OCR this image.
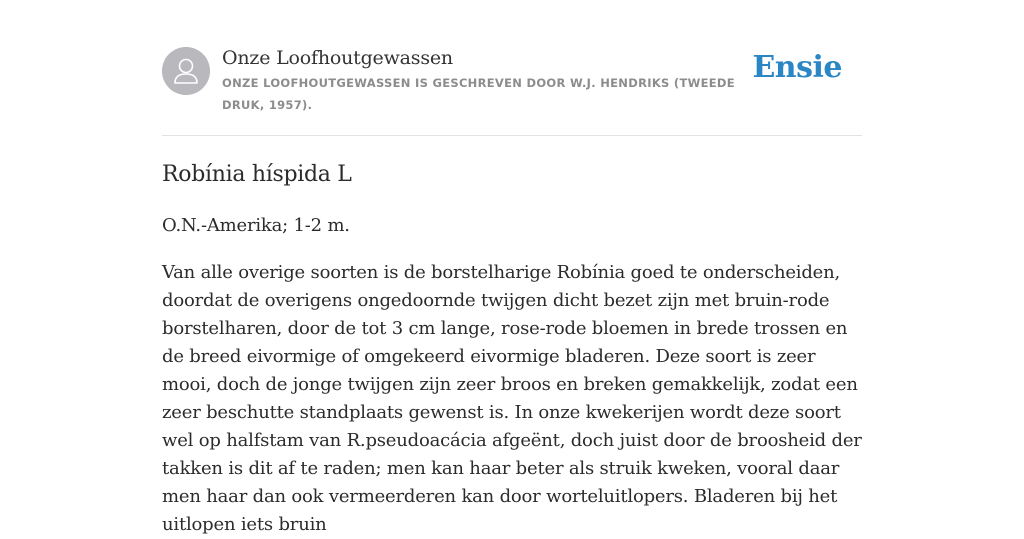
Onze Loofhoutgewassen
ONZE LOOFHOUTGEWASSEN IS GESCHREVEN DOOR W.J. HENDRIKS (TWEEDE DRUK, 1957).
Ensie
Robínia híspida L

O.N.-Amerika; 1-2 m.

Van alle overige soorten is de borstelharige Robínia goed te onderscheiden, doordat de overigens ongedoornde twijgen dicht bezet zijn met bruin-rode borstelharen, door de tot 3 cm lange, rose-rode bloemen in brede trossen en de breed eivormige of omgekeerd eivormige bladeren. Deze soort is zeer mooi, doch de jonge twijgen zijn zeer broos en breken gemakkelijk, zodat een zeer beschutte standplaats gewenst is. In onze kwekerijen wordt deze soort wel op halfstam van R.pseudoacácia afgeënt, doch juist door de broosheid der takken is dit af te raden; men kan haar beter als struik kweken, vooral daar men haar dan ook vermeerderen kan door worteluitlopers. Bladeren bij het uitlopen iets bruin
